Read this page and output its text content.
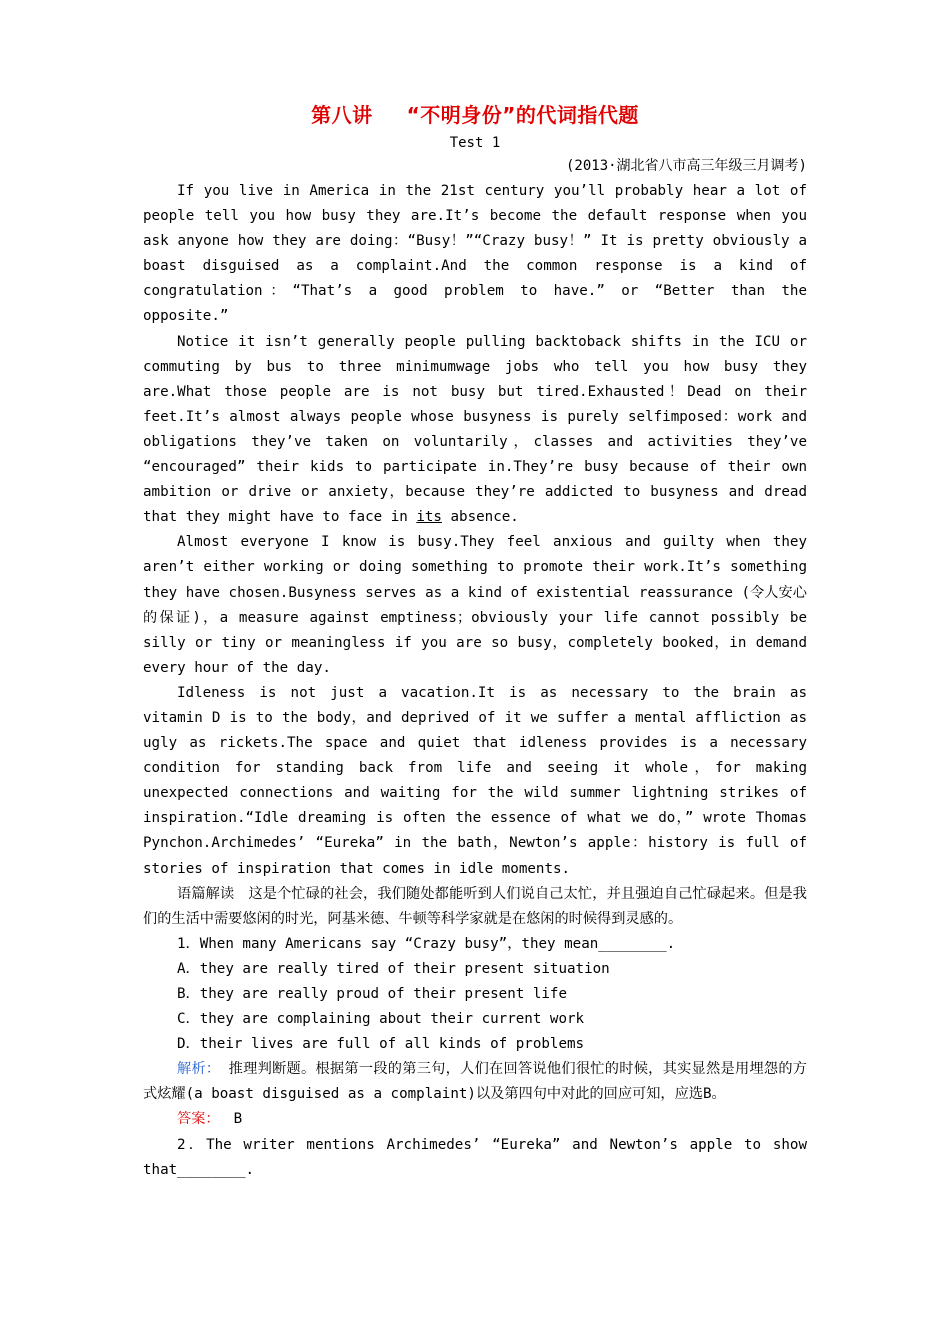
第八讲 “不明身份”的代词指代题
Test 1
(2013·湖北省八市高三年级三月调考)

If you live in America in the 21st century you’ll probably hear a lot of people tell you how busy they are.It’s become the default response when you ask anyone how they are doing：“Busy！”“Crazy busy！” It is pretty obviously a boast disguised as a complaint.And the common response is a kind of congratulation：“That’s a good problem to have.” or “Better than the opposite.”

Notice it isn’t generally people pulling backtoback shifts in the ICU or commuting by bus to three minimumwage jobs who tell you how busy they are.What those people are is not busy but tired.Exhausted！Dead on their feet.It’s almost always people whose busyness is purely selfimposed：work and obligations they’ve taken on voluntarily，classes and activities they’ve “encouraged” their kids to participate in.They’re busy because of their own ambition or drive or anxiety，because they’re addicted to busyness and dread that they might have to face in its absence.

Almost everyone I know is busy.They feel anxious and guilty when they aren’t either working or doing something to promote their work.It’s something they have chosen.Busyness serves as a kind of existential reassurance (令人安心的保证)，a measure against emptiness；obviously your life cannot possibly be silly or tiny or meaningless if you are so busy，completely booked，in demand every hour of the day.

Idleness is not just a vacation.It is as necessary to the brain as vitamin D is to the body，and deprived of it we suffer a mental affliction as ugly as rickets.The space and quiet that idleness provides is a necessary condition for standing back from life and seeing it whole，for making unexpected connections and waiting for the wild summer lightning strikes of inspiration.“Idle dreaming is often the essence of what we do，” wrote Thomas Pynchon.Archimedes’ “Eureka” in the bath，Newton’s apple：history is full of stories of inspiration that comes in idle moments.

语篇解读 这是个忙碌的社会，我们随处都能听到人们说自己太忙，并且强迫自己忙碌起来。但是我们的生活中需要悠闲的时光，阿基米德、牛顿等科学家就是在悠闲的时候得到灵感的。

1．When many Americans say “Crazy busy”，they mean________.

A．they are really tired of their present situation

B．they are really proud of their present life

C．they are complaining about their current work

D．their lives are full of all kinds of problems

解析： 推理判断题。根据第一段的第三句，人们在回答说他们很忙的时候，其实显然是用埋怨的方式炫耀(a boast disguised as a complaint)以及第四句中对此的回应可知，应选B。

答案： B

2．The writer mentions Archimedes’ “Eureka” and Newton’s apple to show that________.
